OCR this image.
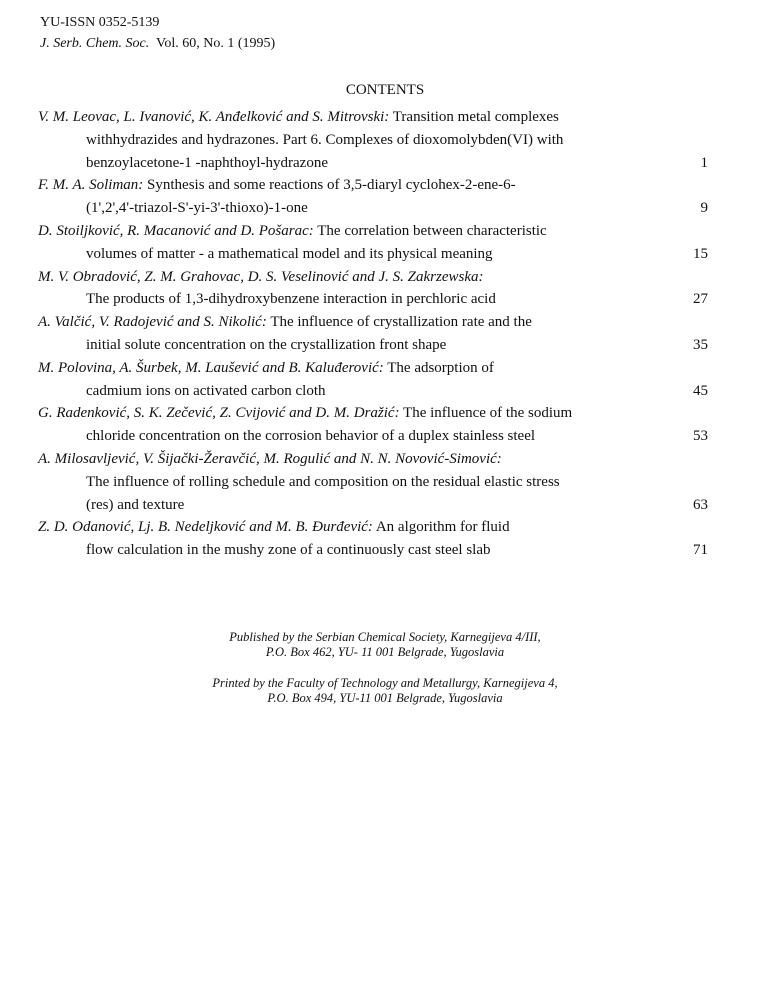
YU-ISSN 0352-5139
J. Serb. Chem. Soc. Vol. 60, No. 1 (1995)
CONTENTS
V. M. Leovac, L. Ivanović, K. Anđelković and S. Mitrovski: Transition metal complexes
withhydrazides and hydrazones. Part 6. Complexes of dioxomolybden(VI) with
benzoylacetone-1 -naphthoyl-hydrazone	1
F. M. A. Soliman: Synthesis and some reactions of 3,5-diaryl cyclohex-2-ene-6-
(1',2',4'-triazol-S'-yi-3'-thioxo)-1-one	9
D. Stoiljković, R. Macanović and D. Pošarac: The correlation between characteristic
volumes of matter - a mathematical model and its physical meaning	15
M. V. Obradović, Z. M. Grahovac, D. S. Veselinović and J. S. Zakrzewska:
The products of 1,3-dihydroxybenzene interaction in perchloric acid	27
A. Valčić, V. Radojević and S. Nikolić: The influence of crystallization rate and the
initial solute concentration on the crystallization front shape	35
M. Polovina, A. Šurbek, M. Laušević and B. Kaluđerović: The adsorption of
cadmium ions on activated carbon cloth	45
G. Radenković, S. K. Zečević, Z. Cvijović and D. M. Dražić: The influence of the sodium
chloride concentration on the corrosion behavior of a duplex stainless steel	53
A. Milosavljević, V. Šijački-Žeravčić, M. Rogulić and N. N. Novović-Simović:
The influence of rolling schedule and composition on the residual elastic stress
(res) and texture	63
Z. D. Odanović, Lj. B. Nedeljković and M. B. Đurđević: An algorithm for fluid
flow calculation in the mushy zone of a continuously cast steel slab	71
Published by the Serbian Chemical Society, Karnegijeva 4/III,
P.O. Box 462, YU- 11 001 Belgrade, Yugoslavia
Printed by the Faculty of Technology and Metallurgy, Karnegijeva 4,
P.O. Box 494, YU-11 001 Belgrade, Yugoslavia
